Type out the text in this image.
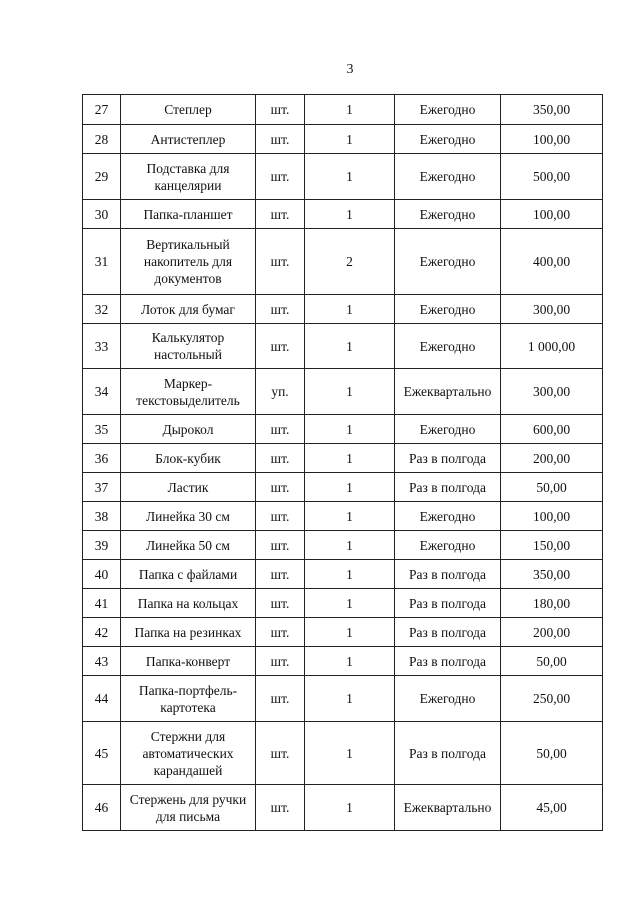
3
27	Степлер	шт.	1	Ежегодно	350,00
28	Антистеплер	шт.	1	Ежегодно	100,00
29	Подставка для канцелярии	шт.	1	Ежегодно	500,00
30	Папка-планшет	шт.	1	Ежегодно	100,00
31	Вертикальный накопитель для документов	шт.	2	Ежегодно	400,00
32	Лоток для бумаг	шт.	1	Ежегодно	300,00
33	Калькулятор настольный	шт.	1	Ежегодно	1 000,00
34	Маркер-текстовыделитель	уп.	1	Ежеквартально	300,00
35	Дырокол	шт.	1	Ежегодно	600,00
36	Блок-кубик	шт.	1	Раз в полгода	200,00
37	Ластик	шт.	1	Раз в полгода	50,00
38	Линейка 30 см	шт.	1	Ежегодно	100,00
39	Линейка 50 см	шт.	1	Ежегодно	150,00
40	Папка с файлами	шт.	1	Раз в полгода	350,00
41	Папка на кольцах	шт.	1	Раз в полгода	180,00
42	Папка на резинках	шт.	1	Раз в полгода	200,00
43	Папка-конверт	шт.	1	Раз в полгода	50,00
44	Папка-портфель-картотека	шт.	1	Ежегодно	250,00
45	Стержни для автоматических карандашей	шт.	1	Раз в полгода	50,00
46	Стержень для ручки для письма	шт.	1	Ежеквартально	45,00
